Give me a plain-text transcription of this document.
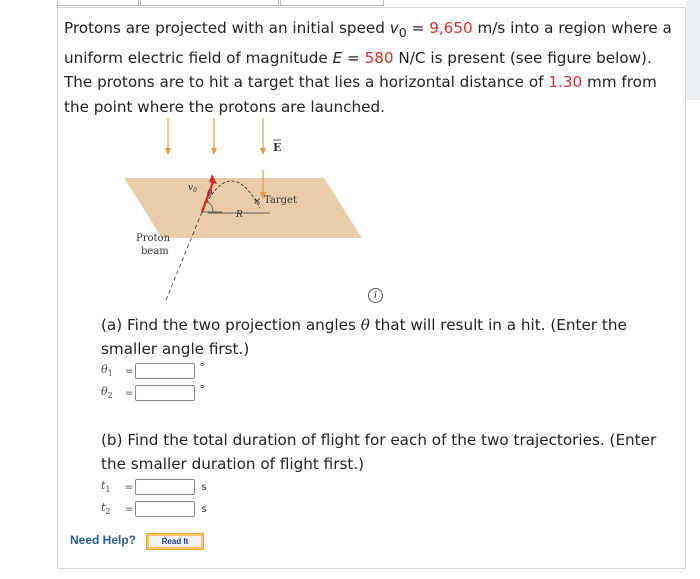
Protons are projected with an initial speed $v_0 = 9,650$ m/s into a region where a uniform electric field of magnitude E = 580 N/C is present (see figure below). The protons are to hit a target that lies a horizontal distance of 1.30 mm from the point where the protons are launched.
E
θ
$v_0$
R
× Target
Proton
beam
i
(a) Find the two projection angles θ that will result in a hit. (Enter the smaller angle first.)
$\theta_1$	=	°
$\theta_2$	=	°
(b) Find the total duration of flight for each of the two trajectories. (Enter the smaller duration of flight first.)
$t_1$	=	s
$t_2$	=	s
Need Help?	Read It
